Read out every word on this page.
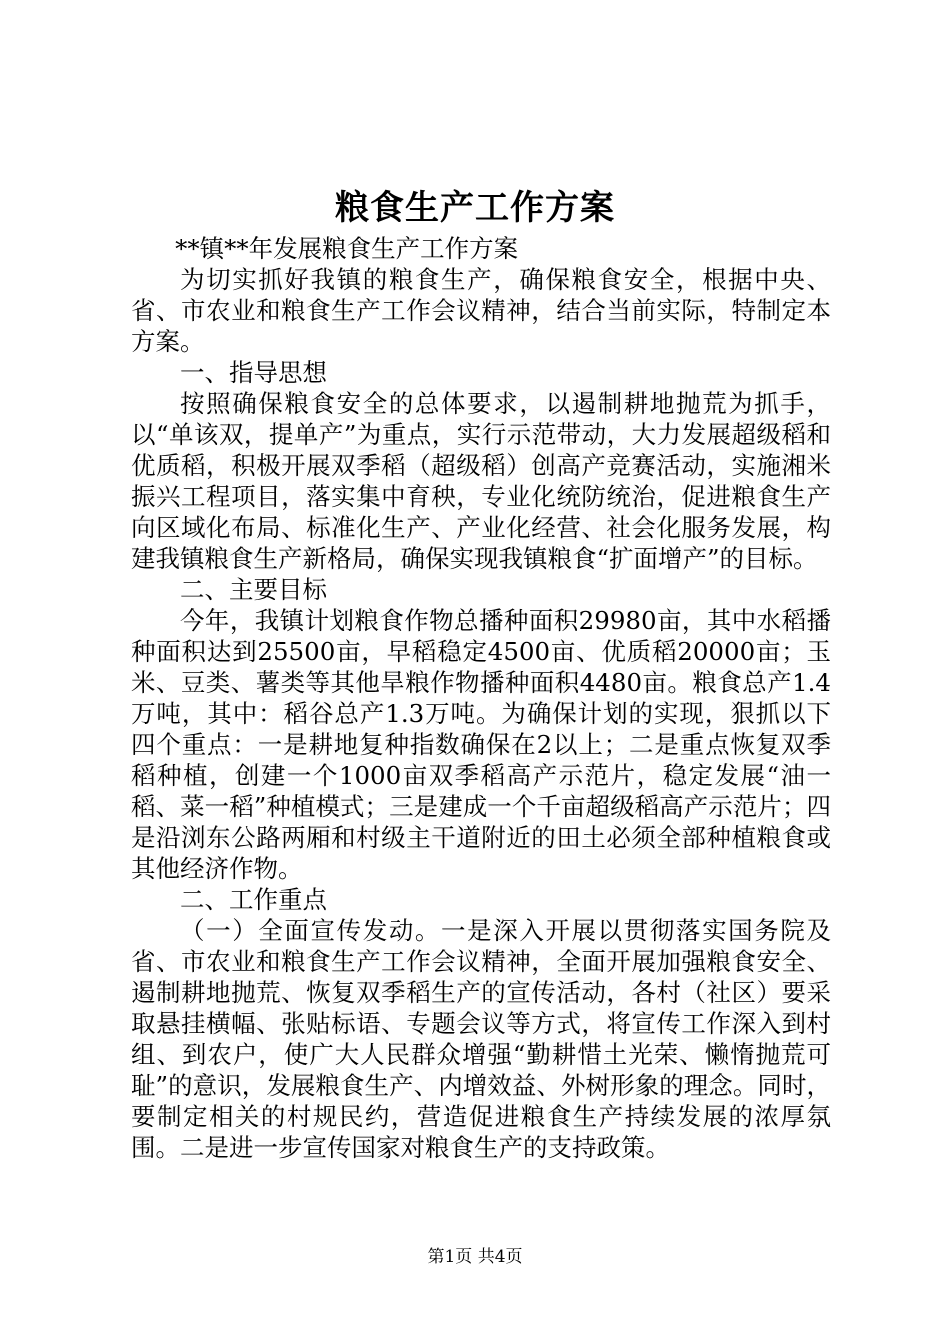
粮食生产工作方案

**镇**年发展粮食生产工作方案

为切实抓好我镇的粮食生产，确保粮食安全，根据中央、省、市农业和粮食生产工作会议精神，结合当前实际，特制定本方案。

一、指导思想

按照确保粮食安全的总体要求，以遏制耕地抛荒为抓手，以“单该双，提单产”为重点，实行示范带动，大力发展超级稻和优质稻，积极开展双季稻（超级稻）创高产竞赛活动，实施湘米振兴工程项目，落实集中育秧，专业化统防统治，促进粮食生产向区域化布局、标准化生产、产业化经营、社会化服务发展，构建我镇粮食生产新格局，确保实现我镇粮食“扩面增产”的目标。

二、主要目标

今年，我镇计划粮食作物总播种面积29980亩，其中水稻播种面积达到25500亩，早稻稳定4500亩、优质稻20000亩；玉米、豆类、薯类等其他旱粮作物播种面积4480亩。粮食总产1.4万吨，其中：稻谷总产1.3万吨。为确保计划的实现，狠抓以下四个重点：一是耕地复种指数确保在2以上；二是重点恢复双季稻种植，创建一个1000亩双季稻高产示范片，稳定发展“油一稻、菜一稻”种植模式；三是建成一个千亩超级稻高产示范片；四是沿浏东公路两厢和村级主干道附近的田土必须全部种植粮食或其他经济作物。

二、工作重点

（一）全面宣传发动。一是深入开展以贯彻落实国务院及省、市农业和粮食生产工作会议精神，全面开展加强粮食安全、遏制耕地抛荒、恢复双季稻生产的宣传活动，各村（社区）要采取悬挂横幅、张贴标语、专题会议等方式，将宣传工作深入到村组、到农户，使广大人民群众增强“勤耕惜土光荣、懒惰抛荒可耻”的意识，发展粮食生产、内增效益、外树形象的理念。同时，要制定相关的村规民约，营造促进粮食生产持续发展的浓厚氛围。二是进一步宣传国家对粮食生产的支持政策。

第1页 共4页
